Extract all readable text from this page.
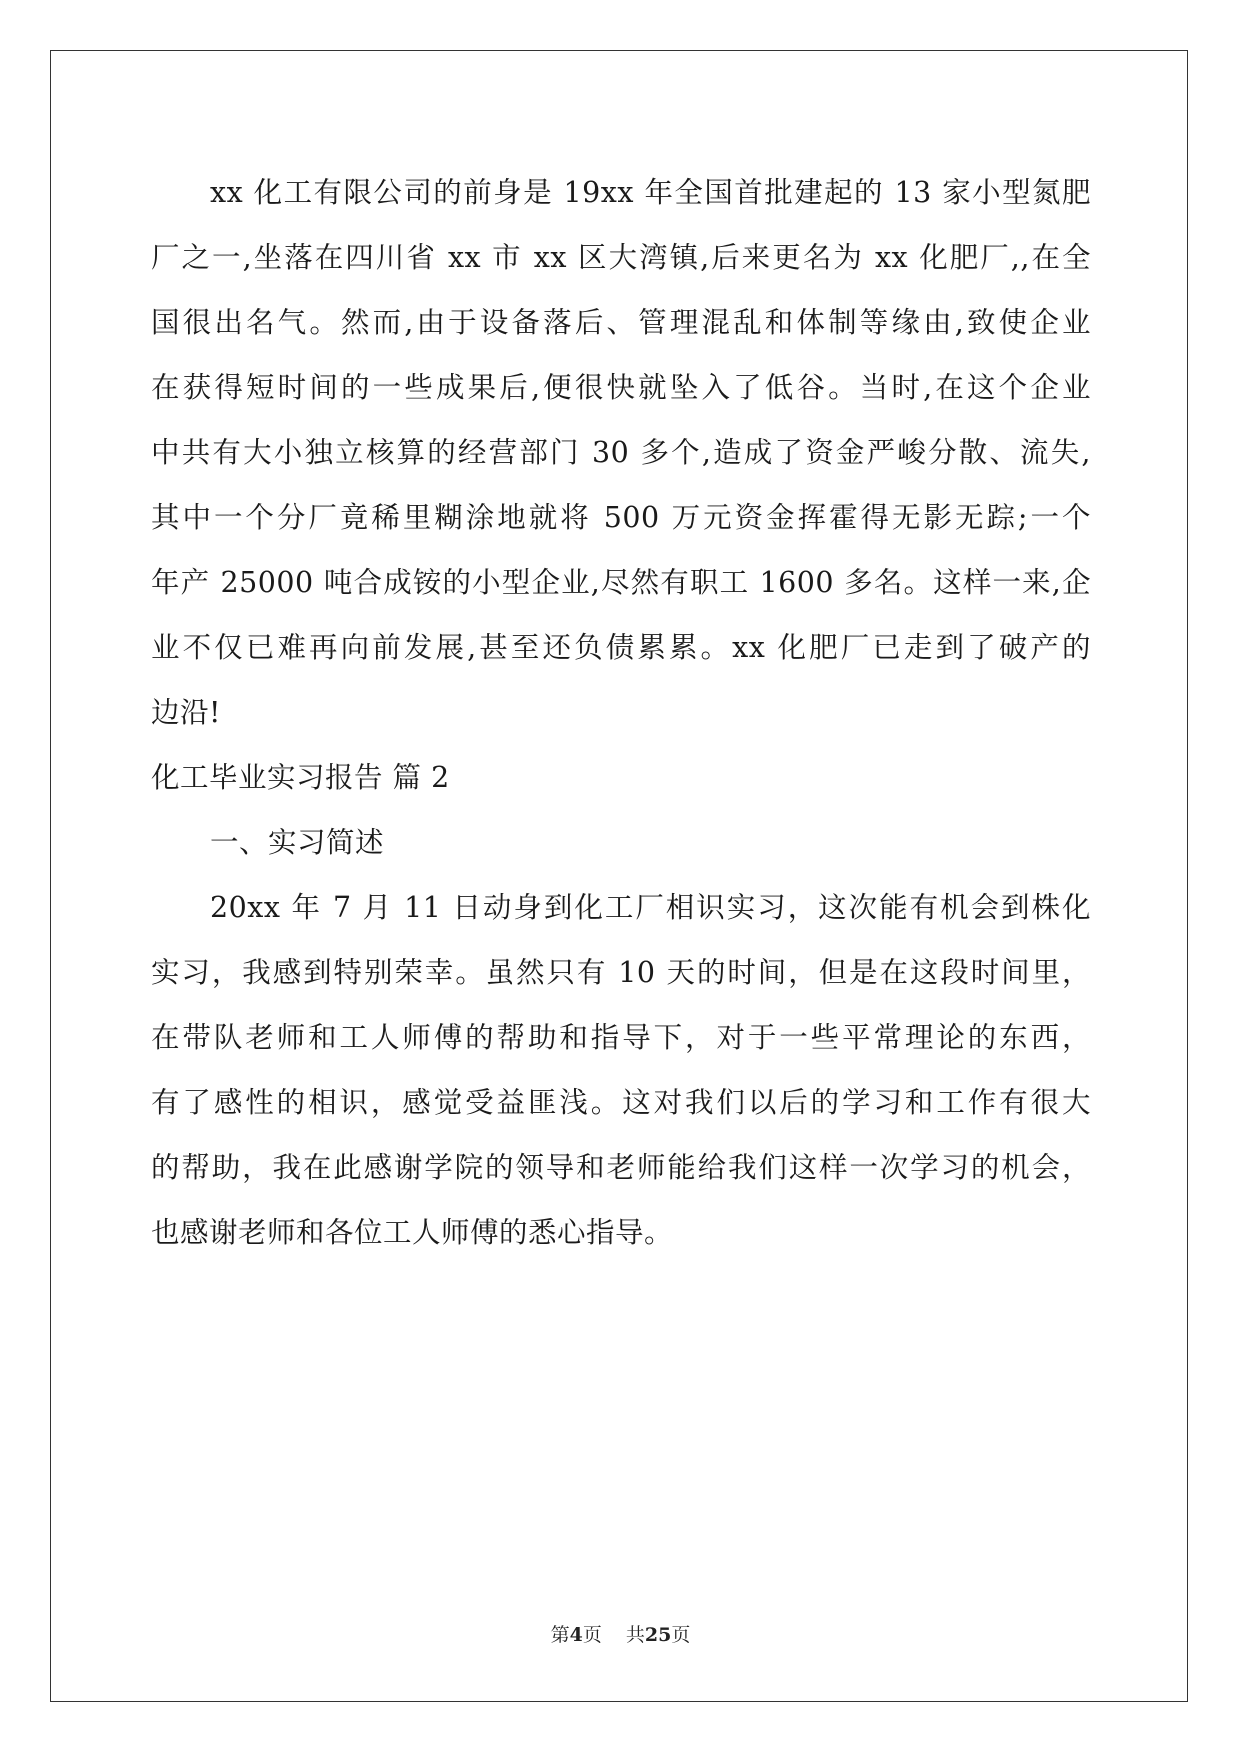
xx 化工有限公司的前身是 19xx 年全国首批建起的 13 家小型氮肥
厂之一,坐落在四川省 xx 市 xx 区大湾镇,后来更名为 xx 化肥厂,,在全
国很出名气。然而,由于设备落后、管理混乱和体制等缘由,致使企业
在获得短时间的一些成果后,便很快就坠入了低谷。当时,在这个企业
中共有大小独立核算的经营部门 30 多个,造成了资金严峻分散、流失,
其中一个分厂竟稀里糊涂地就将 500 万元资金挥霍得无影无踪;一个
年产 25000 吨合成铵的小型企业,尽然有职工 1600 多名。这样一来,企
业不仅已难再向前发展,甚至还负债累累。xx 化肥厂已走到了破产的
边沿!
化工毕业实习报告 篇 2
一、实习简述
20xx 年 7 月 11 日动身到化工厂相识实习，这次能有机会到株化
实习，我感到特别荣幸。虽然只有 10 天的时间，但是在这段时间里，
在带队老师和工人师傅的帮助和指导下，对于一些平常理论的东西，
有了感性的相识，感觉受益匪浅。这对我们以后的学习和工作有很大
的帮助，我在此感谢学院的领导和老师能给我们这样一次学习的机会，
也感谢老师和各位工人师傅的悉心指导。
第4页 共25页
